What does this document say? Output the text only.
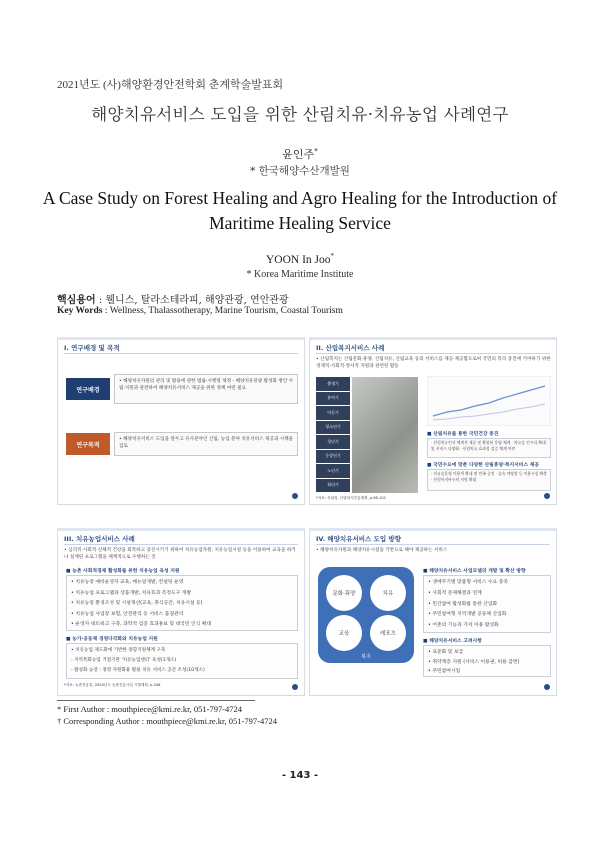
2021년도 (사)해양환경안전학회 춘계학술발표회
해양치유서비스 도입을 위한 산림치유·치유농업 사례연구
윤인주*
* 한국해양수산개발원
A Case Study on Forest Healing and Agro Healing for the Introduction of Maritime Healing Service
YOON In Joo*
* Korea Maritime Institute
핵심용어 : 웰니스, 탈라소테라피, 해양관광, 연안관광
Key Words : Wellness, Thalassotherapy, Marine Tourism, Coastal Tourism
I. 연구배경 및 목적
연구배경
• 해양치유자원의 관리 및 활용에 관한 법률·시행령 제정 - 해양치유관광 활성화 방안 수립·지원과 관련하여 해양치유서비스 제공을 위한 정책 마련 필요
연구목적
• 해양치유서비스 도입을 앞두고 유사분야인 산림, 농업 분야 치유서비스 제공과 시책을 검토
II. 산림복지서비스 사례
• 산림복지는 산림문화·휴양, 산림치유, 산림교육 등의 서비스를 제공·제공함으로써 국민의 복리 증진에 기여하기 위한 경제적·사회적·정서적 지원과 관련된 활동
출생기
유아기
아동기
청소년기
청년기
중장년기
노년기
회년기
■ 산림치유를 통한 국민건강 증진
· 산림치유인자 체계적 제공 및 확장된 운영 체계 · 치유숲 인프라 확대 및 서비스 다양화 · 산림치유 효과성 검증 체계 마련
■ 국민수요에 맞춘 다양한 산림휴양·복지서비스 제공
· 치유숲운영 이용객 확대 및 만족 증진 · 숲속 야영장 등 이용시설 확충 · 산림복지바우처 지원 확대
*자료: 산림청, 산림복지진흥계획, p.98-101
III. 치유농업서비스 사례
• 심리적·사회적·신체적 건강을 회복하고 증진시키기 위하여 치유농업자원, 치유농업시설 등을 이용하여 교육을 하거나 설계된 프로그램을 체계적으로 수행하는 것
■ 농촌 사회적경제 활성화를 위한 치유농업 육성 지원
• 치유농장 예비운영자 교육, 매뉴얼개발, 컨설팅 운영
• 치유농업 프로그램과 상품개발, 치유효과 측정도구 개발
• 치유농장 환경조성 및 시설개선(교육, 휴식공간, 치유시설 등)
• 치유농업 사업장 보험, 안전관리 등 서비스 품질관리
• 운영자 네트워크 구축, 과학적 검증 효과홍보 및 대국민 인식 확대
■ 농가·공동체 경영다각화와 치유농업 지원
• 치유농업 제도화에 기반한 종합지원체계 구축
- 지역특화농업 거점기관 '치유농업센터' 육성(1개소)
- 활성화 농장 : 경영 자원화용 활용 치유 서비스 공간 조성(10개소)
*자료: 농촌진흥청, 2020년도 농촌진흥사업 시행계획, p.346
IV. 해양치유서비스 도입 방향
• 해양치유자원과 해양치유시설을 기반으로 해야 제공하는 서비스
문화·휴양	치유
교육	레포츠
복지
■ 해양치유서비스 사업모델의 개발 및 확산 방향
• 생애주기별 맞춤형 서비스 수요 충족
• 사회적 문제해결과 연계
• 민간참여 활성화를 통한 산업화
• 주민참여형 지역개발 공동체 산업화
• 어촌의 기능과 가치 이용 활성화
■ 해양치유서비스 고려사항
• 표준화 및 보급
• 취약계층 지원 (서비스 이용권, 비용 감면)
• 주민참여사업
* First Author : mouthpiece@kmi.re.kr, 051-797-4724
† Corresponding Author : mouthpiece@kmi.re.kr, 051-797-4724
- 143 -
